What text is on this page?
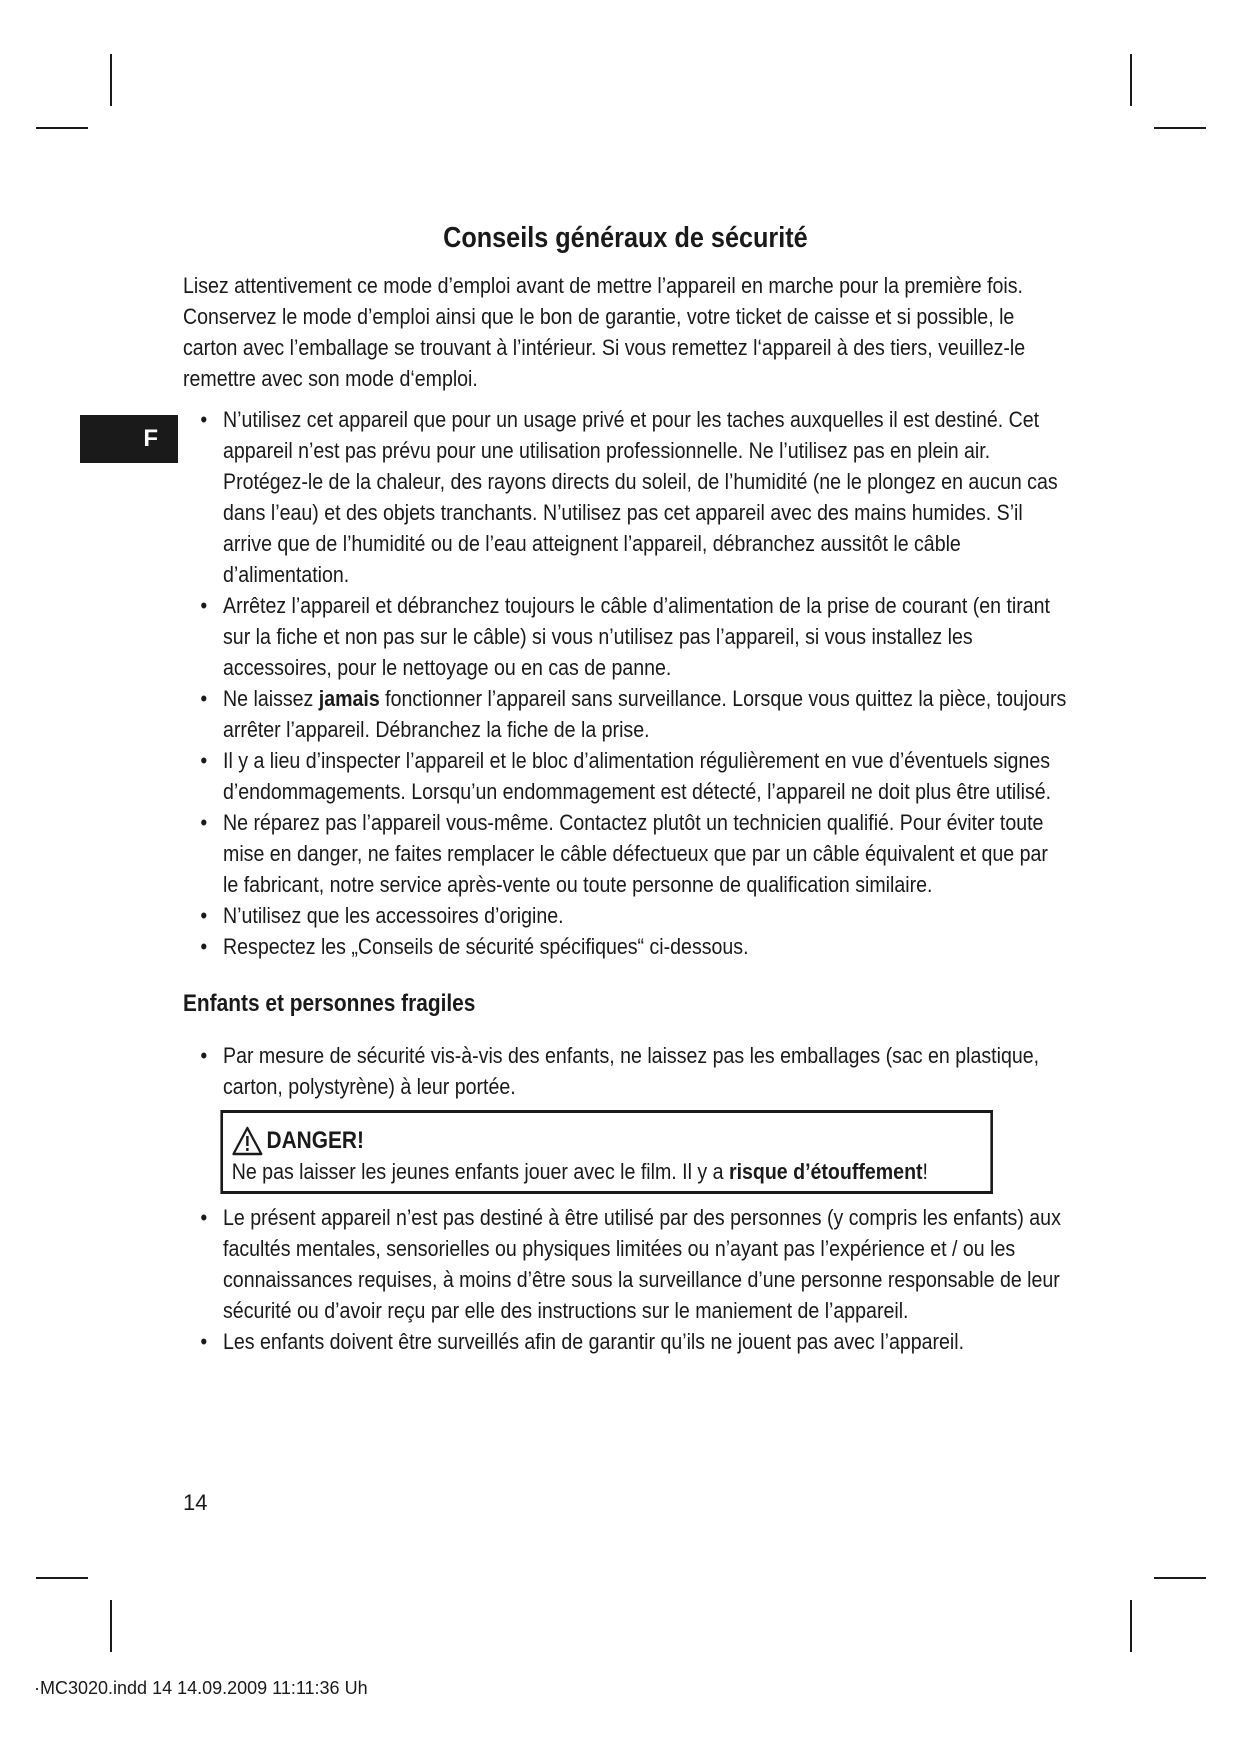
F
Conseils généraux de sécurité

Lisez attentivement ce mode d’emploi avant de mettre l’appareil en marche pour la première fois. Conservez le mode d’emploi ainsi que le bon de garantie, votre ticket de caisse et si possible, le carton avec l’emballage se trouvant à l’intérieur. Si vous remettez l‘appareil à des tiers, veuillez-le remettre avec son mode d‘emploi.

• N’utilisez cet appareil que pour un usage privé et pour les taches auxquelles il est destiné. Cet appareil n’est pas prévu pour une utilisation professionnelle. Ne l’utilisez pas en plein air. Protégez-le de la chaleur, des rayons directs du soleil, de l’humidité (ne le plongez en aucun cas dans l’eau) et des objets tranchants. N’utilisez pas cet appareil avec des mains humides. S’il arrive que de l’humidité ou de l’eau atteignent l’appareil, débranchez aussitôt le câble d’alimentation.
• Arrêtez l’appareil et débranchez toujours le câble d’alimentation de la prise de courant (en tirant sur la fiche et non pas sur le câble) si vous n’utilisez pas l’appareil, si vous installez les accessoires, pour le nettoyage ou en cas de panne.
• Ne laissez jamais fonctionner l’appareil sans surveillance. Lorsque vous quittez la pièce, toujours arrêter l’appareil. Débranchez la fiche de la prise.
• Il y a lieu d’inspecter l’appareil et le bloc d’alimentation régulièrement en vue d’éventuels signes d’endommagements. Lorsqu’un endommagement est détecté, l’appareil ne doit plus être utilisé.
• Ne réparez pas l’appareil vous-même. Contactez plutôt un technicien qualifié. Pour éviter toute mise en danger, ne faites remplacer le câble défectueux que par un câble équivalent et que par le fabricant, notre service après-vente ou toute personne de qualification similaire.
• N’utilisez que les accessoires d’origine.
• Respectez les „Conseils de sécurité spécifiques“ ci-dessous.
Enfants et personnes fragiles
• Par mesure de sécurité vis-à-vis des enfants, ne laissez pas les emballages (sac en plastique, carton, polystyrène) à leur portée.
DANGER!
Ne pas laisser les jeunes enfants jouer avec le film. Il y a risque d’étouffement!
• Le présent appareil n’est pas destiné à être utilisé par des personnes (y compris les enfants) aux facultés mentales, sensorielles ou physiques limitées ou n’ayant pas l’expérience et / ou les connaissances requises, à moins d’être sous la surveillance d’une personne responsable de leur sécurité ou d’avoir reçu par elle des instructions sur le maniement de l’appareil.
• Les enfants doivent être surveillés afin de garantir qu’ils ne jouent pas avec l’appareil.
14
·MC3020.indd 14 14.09.2009 11:11:36 Uh
